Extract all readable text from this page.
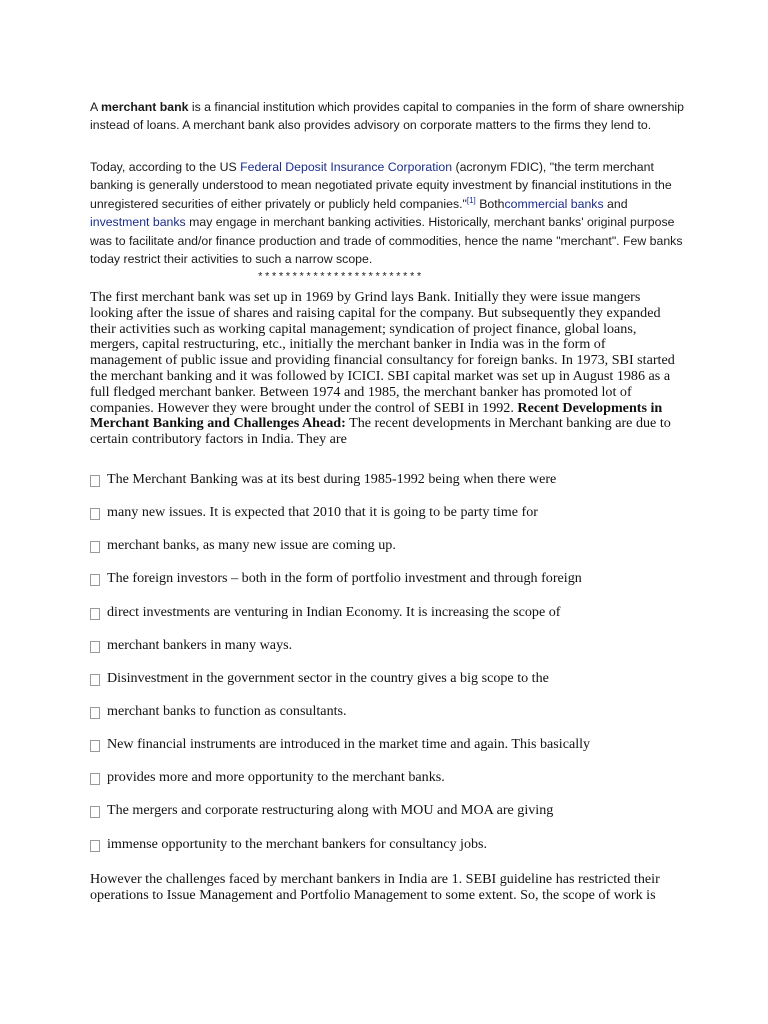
A merchant bank is a financial institution which provides capital to companies in the form of share ownership instead of loans. A merchant bank also provides advisory on corporate matters to the firms they lend to.

Today, according to the US Federal Deposit Insurance Corporation (acronym FDIC), "the term merchant banking is generally understood to mean negotiated private equity investment by financial institutions in the unregistered securities of either privately or publicly held companies."[1] Bothcommercial banks and investment banks may engage in merchant banking activities. Historically, merchant banks' original purpose was to facilitate and/or finance production and trade of commodities, hence the name "merchant". Few banks today restrict their activities to such a narrow scope.

************************

The first merchant bank was set up in 1969 by Grind lays Bank. Initially they were issue mangers looking after the issue of shares and raising capital for the company. But subsequently they expanded their activities such as working capital management; syndication of project finance, global loans, mergers, capital restructuring, etc., initially the merchant banker in India was in the form of management of public issue and providing financial consultancy for foreign banks. In 1973, SBI started the merchant banking and it was followed by ICICI. SBI capital market was set up in August 1986 as a full fledged merchant banker. Between 1974 and 1985, the merchant banker has promoted lot of companies. However they were brought under the control of SEBI in 1992. Recent Developments in Merchant Banking and Challenges Ahead: The recent developments in Merchant banking are due to certain contributory factors in India. They are

The Merchant Banking was at its best during 1985-1992 being when there were
many new issues. It is expected that 2010 that it is going to be party time for
merchant banks, as many new issue are coming up.
The foreign investors – both in the form of portfolio investment and through foreign
direct investments are venturing in Indian Economy. It is increasing the scope of
merchant bankers in many ways.
Disinvestment in the government sector in the country gives a big scope to the
merchant banks to function as consultants.
New financial instruments are introduced in the market time and again. This basically
provides more and more opportunity to the merchant banks.
The mergers and corporate restructuring along with MOU and MOA are giving
immense opportunity to the merchant bankers for consultancy jobs.

However the challenges faced by merchant bankers in India are 1. SEBI guideline has restricted their operations to Issue Management and Portfolio Management to some extent. So, the scope of work is
